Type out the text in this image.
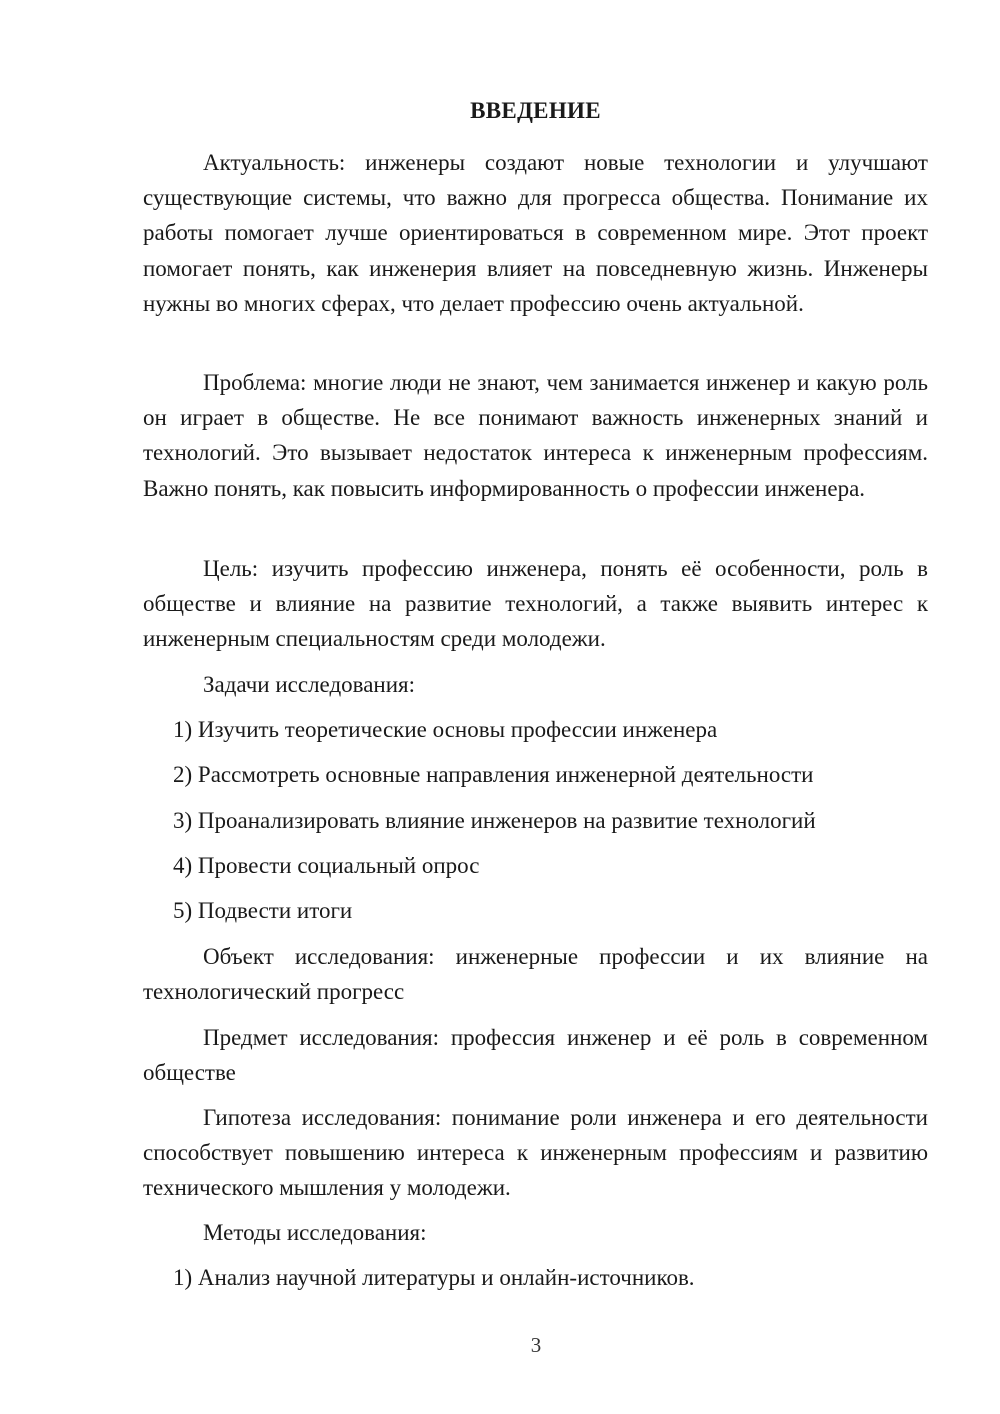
ВВЕДЕНИЕ

Актуальность: инженеры создают новые технологии и улучшают существующие системы, что важно для прогресса общества. Понимание их работы помогает лучше ориентироваться в современном мире. Этот проект помогает понять, как инженерия влияет на повседневную жизнь. Инженеры нужны во многих сферах, что делает профессию очень актуальной.

Проблема: многие люди не знают, чем занимается инженер и какую роль он играет в обществе. Не все понимают важность инженерных знаний и технологий. Это вызывает недостаток интереса к инженерным профессиям. Важно понять, как повысить информированность о профессии инженера.

Цель: изучить профессию инженера, понять её особенности, роль в обществе и влияние на развитие технологий, а также выявить интерес к инженерным специальностям среди молодежи.

Задачи исследования:

1) Изучить теоретические основы профессии инженера

2) Рассмотреть основные направления инженерной деятельности

3) Проанализировать влияние инженеров на развитие технологий

4) Провести социальный опрос

5) Подвести итоги

Объект исследования: инженерные профессии и их влияние на технологический прогресс

Предмет исследования: профессия инженер и её роль в современном обществе

Гипотеза исследования: понимание роли инженера и его деятельности способствует повышению интереса к инженерным профессиям и развитию технического мышления у молодежи.

Методы исследования:

1) Анализ научной литературы и онлайн-источников.

3
